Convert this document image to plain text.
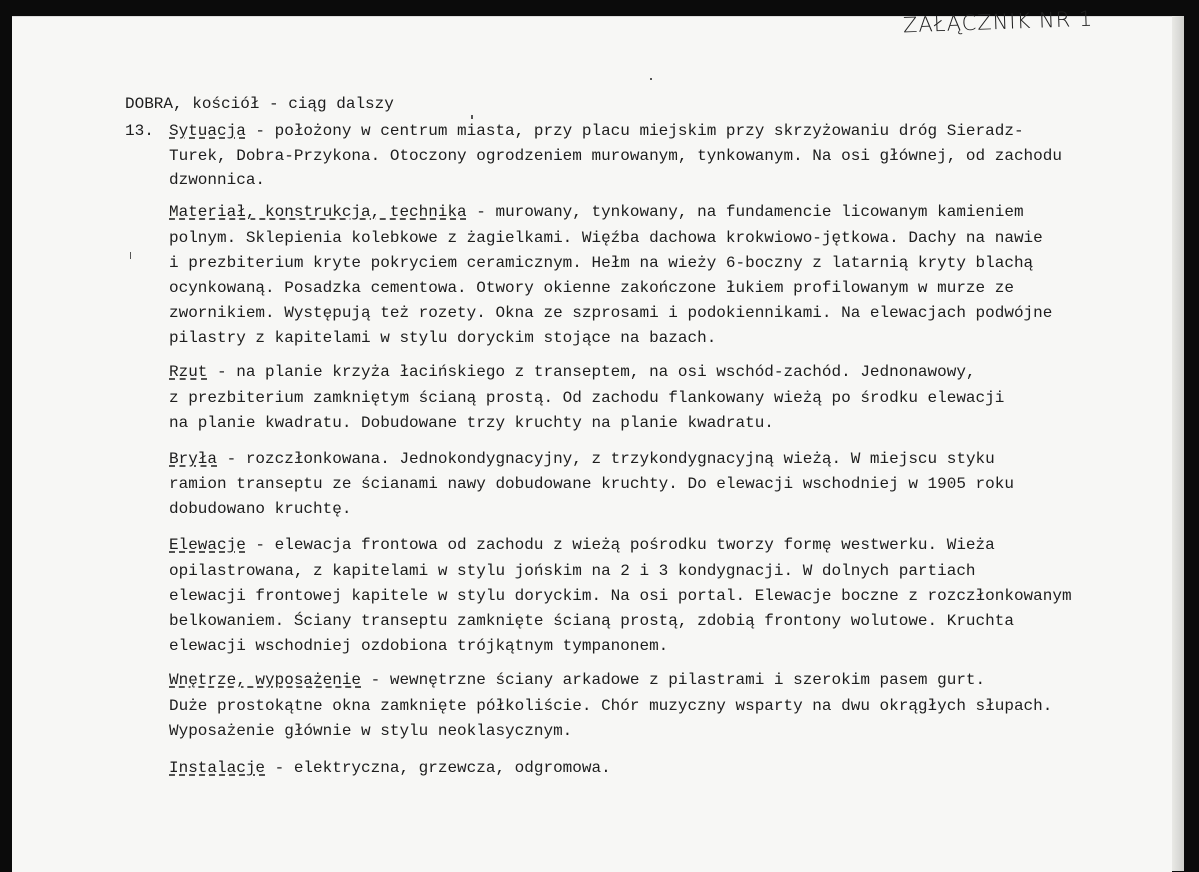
ZAŁĄCZNIK NR 1
DOBRA, kościół - ciąg dalszy
13. Sytuacja - położony w centrum miasta, przy placu miejskim przy skrzyżowaniu dróg Sieradz-
Turek, Dobra-Przykona. Otoczony ogrodzeniem murowanym, tynkowanym. Na osi głównej, od zachodu
dzwonnica.
Materiał, konstrukcja, technika - murowany, tynkowany, na fundamencie licowanym kamieniem
polnym. Sklepienia kolebkowe z żagielkami. Więźba dachowa krokwiowo-jętkowa. Dachy na nawie
i prezbiterium kryte pokryciem ceramicznym. Hełm na wieży 6-boczny z latarnią kryty blachą
ocynkowaną. Posadzka cementowa. Otwory okienne zakończone łukiem profilowanym w murze ze
zwornikiem. Występują też rozety. Okna ze szprosami i podokiennikami. Na elewacjach podwójne
pilastry z kapitelami w stylu doryckim stojące na bazach.
Rzut - na planie krzyża łacińskiego z transeptem, na osi wschód-zachód. Jednonawowy,
z prezbiterium zamkniętym ścianą prostą. Od zachodu flankowany wieżą po środku elewacji
na planie kwadratu. Dobudowane trzy kruchty na planie kwadratu.
Bryła - rozczłonkowana. Jednokondygnacyjny, z trzykondygnacyjną wieżą. W miejscu styku
ramion transeptu ze ścianami nawy dobudowane kruchty. Do elewacji wschodniej w 1905 roku
dobudowano kruchtę.
Elewacje - elewacja frontowa od zachodu z wieżą pośrodku tworzy formę westwerku. Wieża
opilastrowana, z kapitelami w stylu jońskim na 2 i 3 kondygnacji. W dolnych partiach
elewacji frontowej kapitele w stylu doryckim. Na osi portal. Elewacje boczne z rozczłonkowanym
belkowaniem. Ściany transeptu zamknięte ścianą prostą, zdobią frontony wolutowe. Kruchta
elewacji wschodniej ozdobiona trójkątnym tympanonem.
Wnętrze, wyposażenie - wewnętrzne ściany arkadowe z pilastrami i szerokim pasem gurt.
Duże prostokątne okna zamknięte półkoliście. Chór muzyczny wsparty na dwu okrągłych słupach.
Wyposażenie głównie w stylu neoklasycznym.
Instalacje - elektryczna, grzewcza, odgromowa.
